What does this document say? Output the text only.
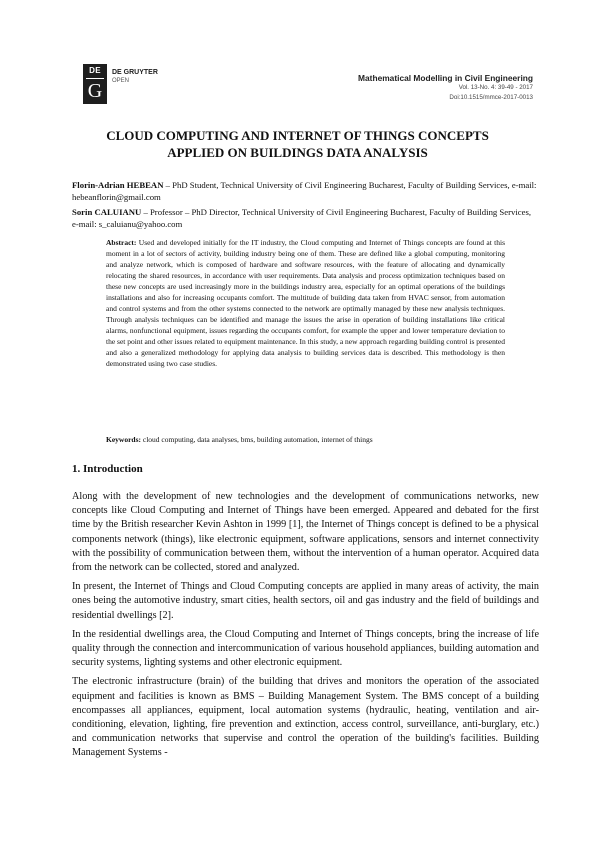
DE
G
DE GRUYTER
OPEN	Mathematical Modelling in Civil Engineering
Vol. 13-No. 4: 39-49 - 2017
Doi:10.1515/mmce-2017-0013
CLOUD COMPUTING AND INTERNET OF THINGS CONCEPTS
APPLIED ON BUILDINGS DATA ANALYSIS

Florin-Adrian HEBEAN – PhD Student, Technical University of Civil Engineering Bucharest, Faculty of Building Services, e-mail: hebeanflorin@gmail.com

Sorin CALUIANU – Professor – PhD Director, Technical University of Civil Engineering Bucharest, Faculty of Building Services, e-mail: s_caluianu@yahoo.com

Abstract: Used and developed initially for the IT industry, the Cloud computing and Internet of Things concepts are found at this moment in a lot of sectors of activity, building industry being one of them. These are defined like a global computing, monitoring and analyze network, which is composed of hardware and software resources, with the feature of allocating and dynamically relocating the shared resources, in accordance with user requirements. Data analysis and process optimization techniques based on these new concepts are used increasingly more in the buildings industry area, especially for an optimal operations of the buildings installations and also for increasing occupants comfort. The multitude of building data taken from HVAC sensor, from automation and control systems and from the other systems connected to the network are optimally managed by these new analysis techniques. Through analysis techniques can be identified and manage the issues the arise in operation of building installations like critical alarms, nonfunctional equipment, issues regarding the occupants comfort, for example the upper and lower temperature deviation to the set point and other issues related to equipment maintenance. In this study, a new approach regarding building control is presented and also a generalized methodology for applying data analysis to building services data is described. This methodology is then demonstrated using two case studies.

Keywords: cloud computing, data analyses, bms, building automation, internet of things
1. Introduction

Along with the development of new technologies and the development of communications networks, new concepts like Cloud Computing and Internet of Things have been emerged. Appeared and debated for the first time by the British researcher Kevin Ashton in 1999 [1], the Internet of Things concept is defined to be a physical components network (things), like electronic equipment, software applications, sensors and internet connectivity with the possibility of communication between them, without the intervention of a human operator. Acquired data from the network can be collected, stored and analyzed.

In present, the Internet of Things and Cloud Computing concepts are applied in many areas of activity, the main ones being the automotive industry, smart cities, health sectors, oil and gas industry and the field of buildings and residential dwellings [2].

In the residential dwellings area, the Cloud Computing and Internet of Things concepts, bring the increase of life quality through the connection and intercommunication of various household appliances, building automation and security systems, lighting systems and other electronic equipment.

The electronic infrastructure (brain) of the building that drives and monitors the operation of the associated equipment and facilities is known as BMS – Building Management System. The BMS concept of a building encompasses all appliances, equipment, local automation systems (hydraulic, heating, ventilation and air-conditioning, elevation, lighting, fire prevention and extinction, access control, surveillance, anti-burglary, etc.) and communication networks that supervise and control the operation of the building's facilities. Building Management Systems -
